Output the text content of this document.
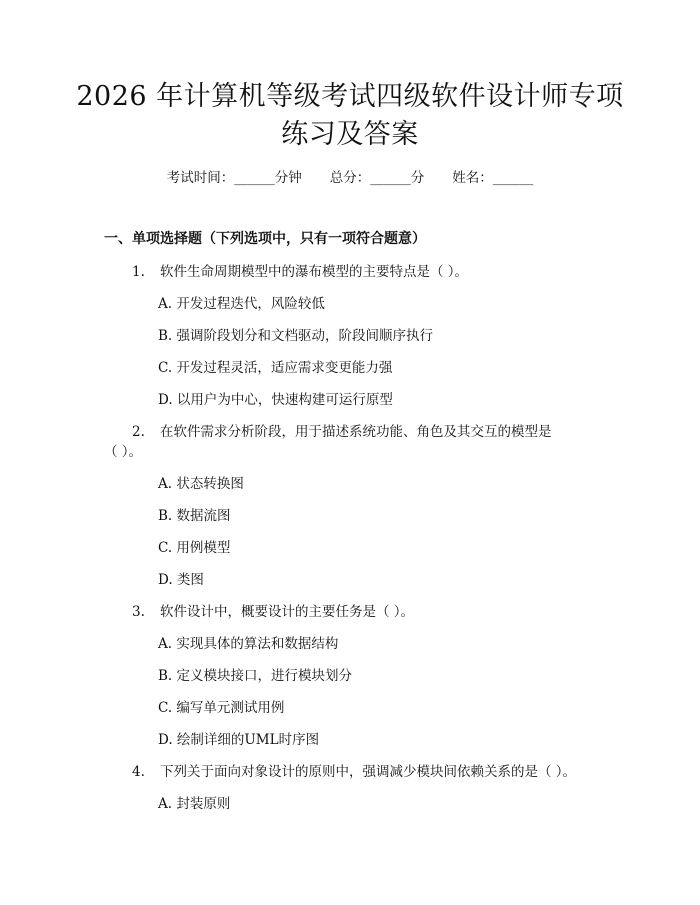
2026 年计算机等级考试四级软件设计师专项
练习及答案
考试时间：______分钟 总分：______分 姓名：______
一、单项选择题（下列选项中，只有一项符合题意）
1. 软件生命周期模型中的瀑布模型的主要特点是（ ）。
A. 开发过程迭代，风险较低
B. 强调阶段划分和文档驱动，阶段间顺序执行
C. 开发过程灵活，适应需求变更能力强
D. 以用户为中心，快速构建可运行原型
2. 在软件需求分析阶段，用于描述系统功能、角色及其交互的模型是（ ）。
A. 状态转换图
B. 数据流图
C. 用例模型
D. 类图
3. 软件设计中，概要设计的主要任务是（ ）。
A. 实现具体的算法和数据结构
B. 定义模块接口，进行模块划分
C. 编写单元测试用例
D. 绘制详细的UML时序图
4. 下列关于面向对象设计的原则中，强调减少模块间依赖关系的是（ ）。
A. 封装原则
